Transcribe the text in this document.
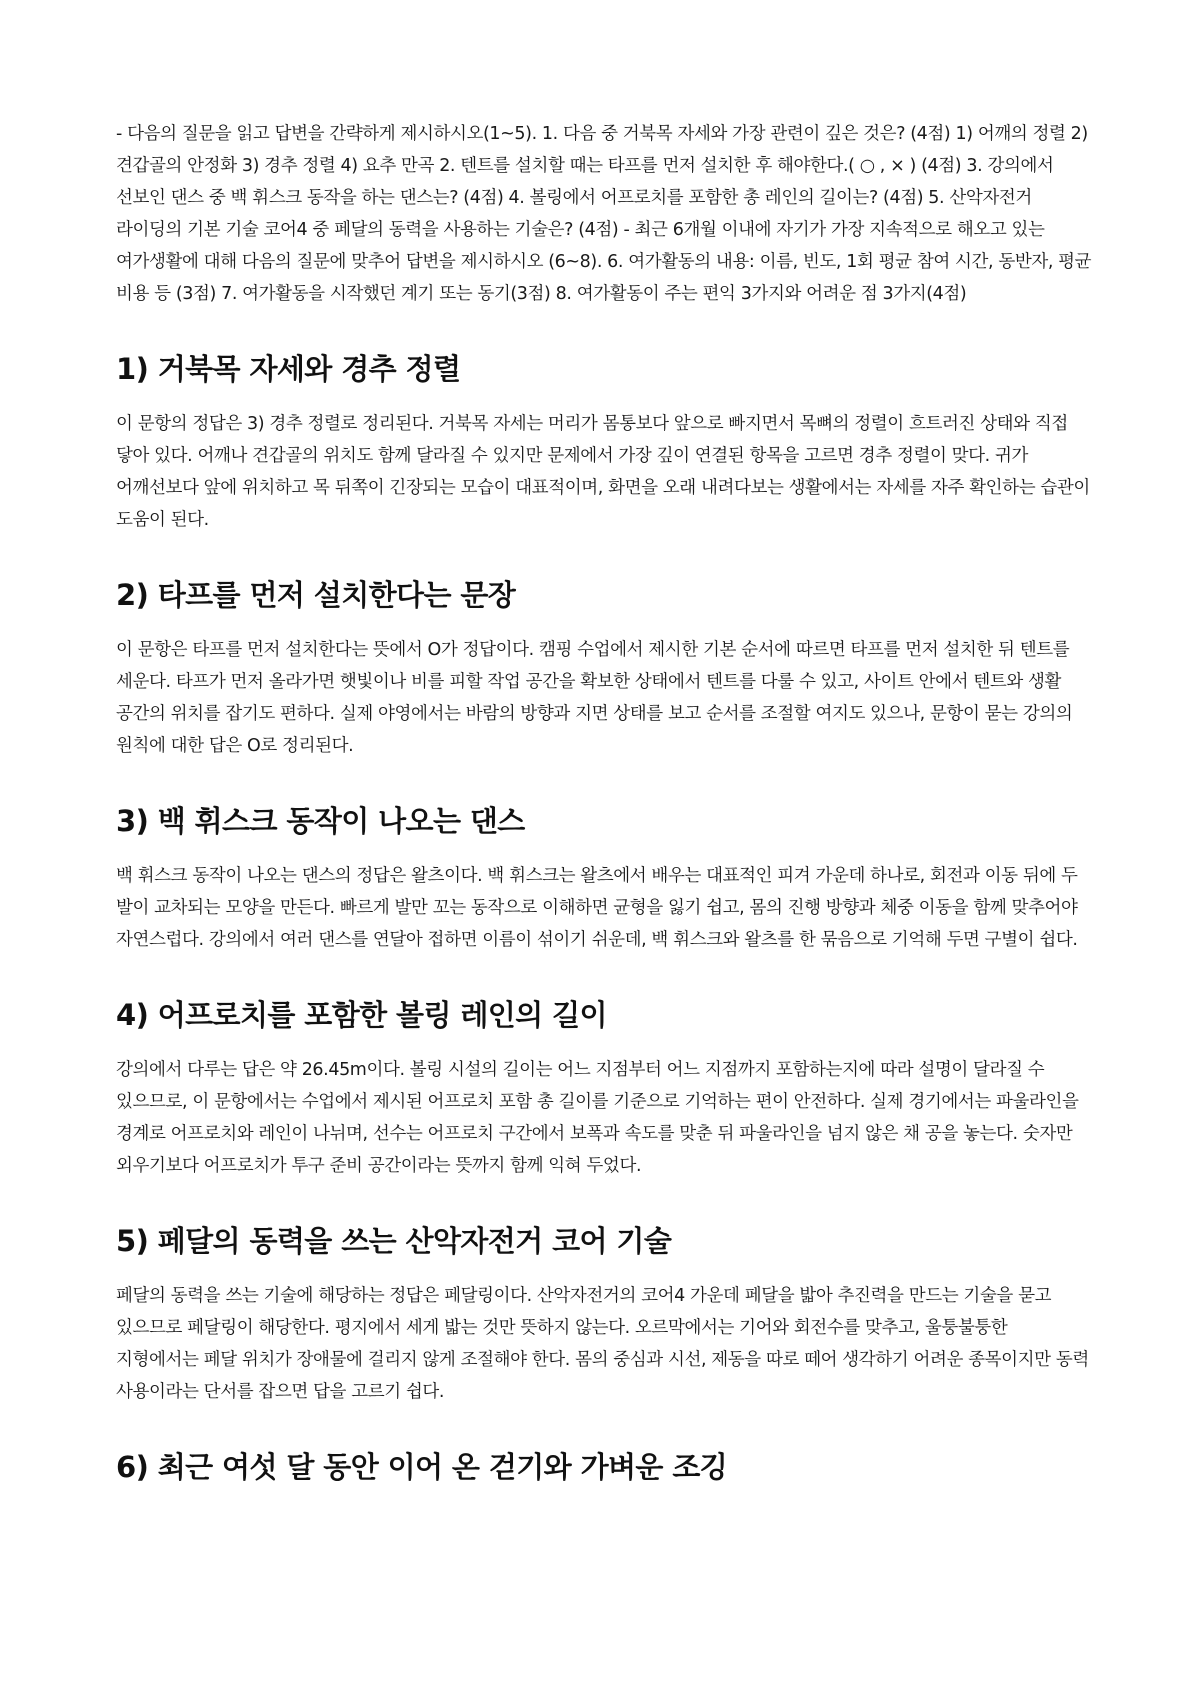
- 다음의 질문을 읽고 답변을 간략하게 제시하시오(1~5). 1. 다음 중 거북목 자세와 가장 관련이 깊은 것은? (4점) 1) 어깨의 정렬 2) 견갑골의 안정화 3) 경추 정렬 4) 요추 만곡 2. 텐트를 설치할 때는 타프를 먼저 설치한 후 해야한다.( ○ , × ) (4점) 3. 강의에서 선보인 댄스 중 백 휘스크 동작을 하는 댄스는? (4점) 4. 볼링에서 어프로치를 포함한 총 레인의 길이는? (4점) 5. 산악자전거 라이딩의 기본 기술 코어4 중 페달의 동력을 사용하는 기술은? (4점) - 최근 6개월 이내에 자기가 가장 지속적으로 해오고 있는 여가생활에 대해 다음의 질문에 맞추어 답변을 제시하시오 (6~8). 6. 여가활동의 내용: 이름, 빈도, 1회 평균 참여 시간, 동반자, 평균 비용 등 (3점) 7. 여가활동을 시작했던 계기 또는 동기(3점) 8. 여가활동이 주는 편익 3가지와 어려운 점 3가지(4점)

1) 거북목 자세와 경추 정렬

이 문항의 정답은 3) 경추 정렬로 정리된다. 거북목 자세는 머리가 몸통보다 앞으로 빠지면서 목뼈의 정렬이 흐트러진 상태와 직접 닿아 있다. 어깨나 견갑골의 위치도 함께 달라질 수 있지만 문제에서 가장 깊이 연결된 항목을 고르면 경추 정렬이 맞다. 귀가 어깨선보다 앞에 위치하고 목 뒤쪽이 긴장되는 모습이 대표적이며, 화면을 오래 내려다보는 생활에서는 자세를 자주 확인하는 습관이 도움이 된다.

2) 타프를 먼저 설치한다는 문장

이 문항은 타프를 먼저 설치한다는 뜻에서 O가 정답이다. 캠핑 수업에서 제시한 기본 순서에 따르면 타프를 먼저 설치한 뒤 텐트를 세운다. 타프가 먼저 올라가면 햇빛이나 비를 피할 작업 공간을 확보한 상태에서 텐트를 다룰 수 있고, 사이트 안에서 텐트와 생활 공간의 위치를 잡기도 편하다. 실제 야영에서는 바람의 방향과 지면 상태를 보고 순서를 조절할 여지도 있으나, 문항이 묻는 강의의 원칙에 대한 답은 O로 정리된다.

3) 백 휘스크 동작이 나오는 댄스

백 휘스크 동작이 나오는 댄스의 정답은 왈츠이다. 백 휘스크는 왈츠에서 배우는 대표적인 피겨 가운데 하나로, 회전과 이동 뒤에 두 발이 교차되는 모양을 만든다. 빠르게 발만 꼬는 동작으로 이해하면 균형을 잃기 쉽고, 몸의 진행 방향과 체중 이동을 함께 맞추어야 자연스럽다. 강의에서 여러 댄스를 연달아 접하면 이름이 섞이기 쉬운데, 백 휘스크와 왈츠를 한 묶음으로 기억해 두면 구별이 쉽다.

4) 어프로치를 포함한 볼링 레인의 길이

강의에서 다루는 답은 약 26.45m이다. 볼링 시설의 길이는 어느 지점부터 어느 지점까지 포함하는지에 따라 설명이 달라질 수 있으므로, 이 문항에서는 수업에서 제시된 어프로치 포함 총 길이를 기준으로 기억하는 편이 안전하다. 실제 경기에서는 파울라인을 경계로 어프로치와 레인이 나뉘며, 선수는 어프로치 구간에서 보폭과 속도를 맞춘 뒤 파울라인을 넘지 않은 채 공을 놓는다. 숫자만 외우기보다 어프로치가 투구 준비 공간이라는 뜻까지 함께 익혀 두었다.

5) 페달의 동력을 쓰는 산악자전거 코어 기술

페달의 동력을 쓰는 기술에 해당하는 정답은 페달링이다. 산악자전거의 코어4 가운데 페달을 밟아 추진력을 만드는 기술을 묻고 있으므로 페달링이 해당한다. 평지에서 세게 밟는 것만 뜻하지 않는다. 오르막에서는 기어와 회전수를 맞추고, 울퉁불퉁한 지형에서는 페달 위치가 장애물에 걸리지 않게 조절해야 한다. 몸의 중심과 시선, 제동을 따로 떼어 생각하기 어려운 종목이지만 동력 사용이라는 단서를 잡으면 답을 고르기 쉽다.

6) 최근 여섯 달 동안 이어 온 걷기와 가벼운 조깅
